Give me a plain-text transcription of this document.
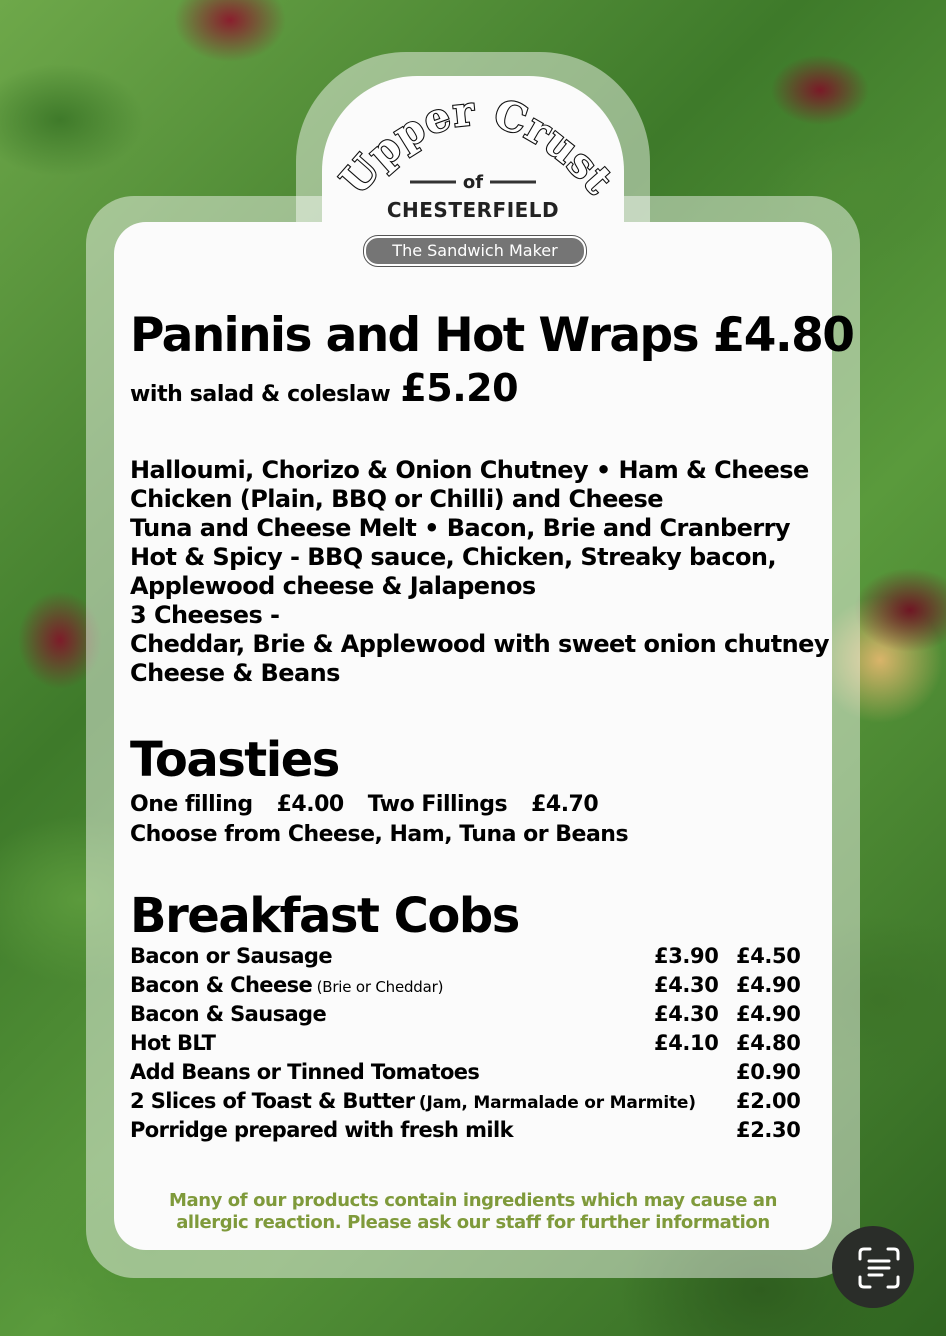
Upper Crust
of
CHESTERFIELD
The Sandwich Maker
Paninis and Hot Wraps £4.80
with salad & coleslaw £5.20
Halloumi, Chorizo & Onion Chutney • Ham & Cheese
Chicken (Plain, BBQ or Chilli) and Cheese
Tuna and Cheese Melt • Bacon, Brie and Cranberry
Hot & Spicy - BBQ sauce, Chicken, Streaky bacon,
Applewood cheese & Jalapenos
3 Cheeses -
Cheddar, Brie & Applewood with sweet onion chutney
Cheese & Beans
Toasties
One filling £4.00 Two Fillings £4.70
Choose from Cheese, Ham, Tuna or Beans
Breakfast Cobs
Bacon or Sausage	£3.90 £4.50
Bacon & Cheese (Brie or Cheddar)	£4.30 £4.90
Bacon & Sausage	£4.30 £4.90
Hot BLT	£4.10 £4.80
Add Beans or Tinned Tomatoes	£0.90
2 Slices of Toast & Butter (Jam, Marmalade or Marmite) £2.00
Porridge prepared with fresh milk	£2.30
Many of our products contain ingredients which may cause an
allergic reaction. Please ask our staff for further information
